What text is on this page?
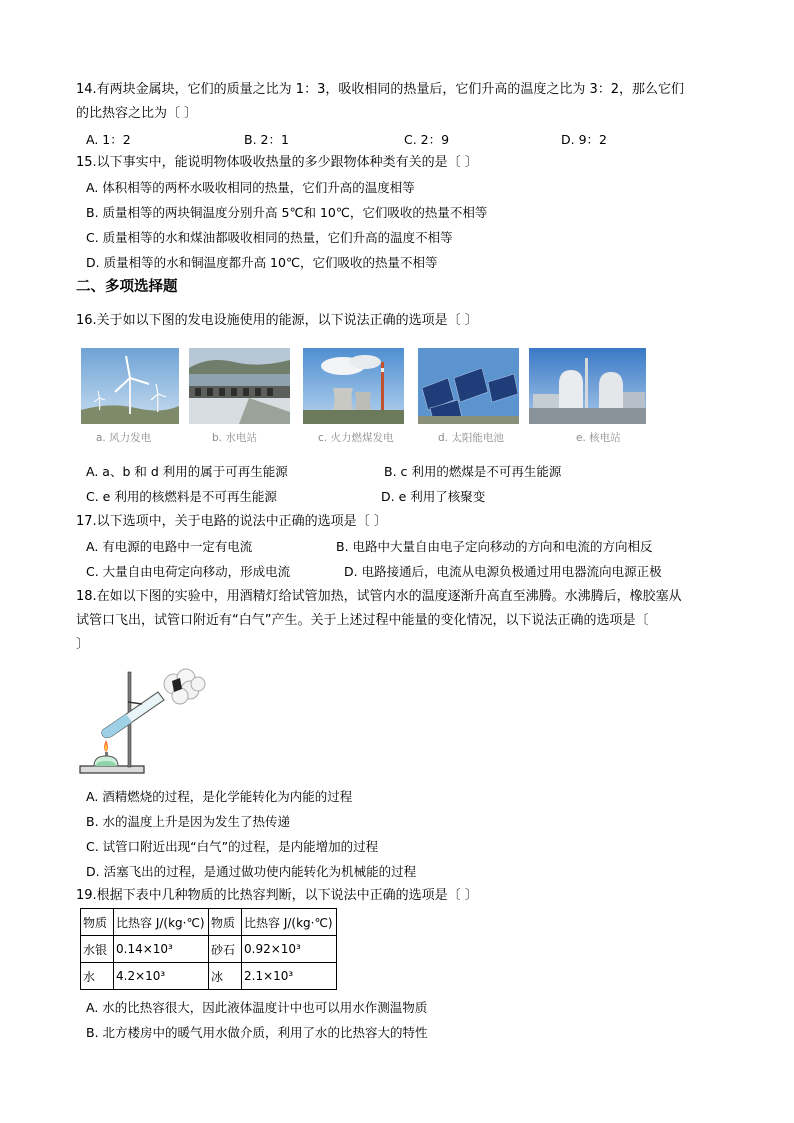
14.有两块金属块，它们的质量之比为 1：3，吸收相同的热量后，它们升高的温度之比为 3：2，那么它们
的比热容之比为〔 〕
A. 1：2	B. 2：1	C. 2：9	D. 9：2
15.以下事实中，能说明物体吸收热量的多少跟物体种类有关的是〔 〕
A. 体积相等的两杯水吸收相同的热量，它们升高的温度相等
B. 质量相等的两块铜温度分别升高 5℃和 10℃，它们吸收的热量不相等
C. 质量相等的水和煤油都吸收相同的热量，它们升高的温度不相等
D. 质量相等的水和铜温度都升高 10℃，它们吸收的热量不相等
二、多项选择题
16.关于如以下图的发电设施使用的能源，以下说法正确的选项是〔 〕
a. 风力发电	b. 水电站	c. 火力燃煤发电	d. 太阳能电池	e. 核电站
A. a、b 和 d 利用的属于可再生能源	B. c 利用的燃煤是不可再生能源
C. e 利用的核燃料是不可再生能源	D. e 利用了核聚变
17.以下选项中，关于电路的说法中正确的选项是〔 〕
A. 有电源的电路中一定有电流	B. 电路中大量自由电子定向移动的方向和电流的方向相反
C. 大量自由电荷定向移动，形成电流	D. 电路接通后，电流从电源负极通过用电器流向电源正极
18.在如以下图的实验中，用酒精灯给试管加热，试管内水的温度逐渐升高直至沸腾。水沸腾后，橡胶塞从
试管口飞出，试管口附近有“白气”产生。关于上述过程中能量的变化情况，以下说法正确的选项是〔
〕
A. 酒精燃烧的过程，是化学能转化为内能的过程
B. 水的温度上升是因为发生了热传递
C. 试管口附近出现“白气”的过程，是内能增加的过程
D. 活塞飞出的过程，是通过做功使内能转化为机械能的过程
19.根据下表中几种物质的比热容判断，以下说法中正确的选项是〔 〕
物质	比热容 J/(kg·℃)	物质	比热容 J/(kg·℃)
水银	0.14×10³	砂石	0.92×10³
水	4.2×10³	冰	2.1×10³
A. 水的比热容很大，因此液体温度计中也可以用水作测温物质
B. 北方楼房中的暖气用水做介质，利用了水的比热容大的特性
